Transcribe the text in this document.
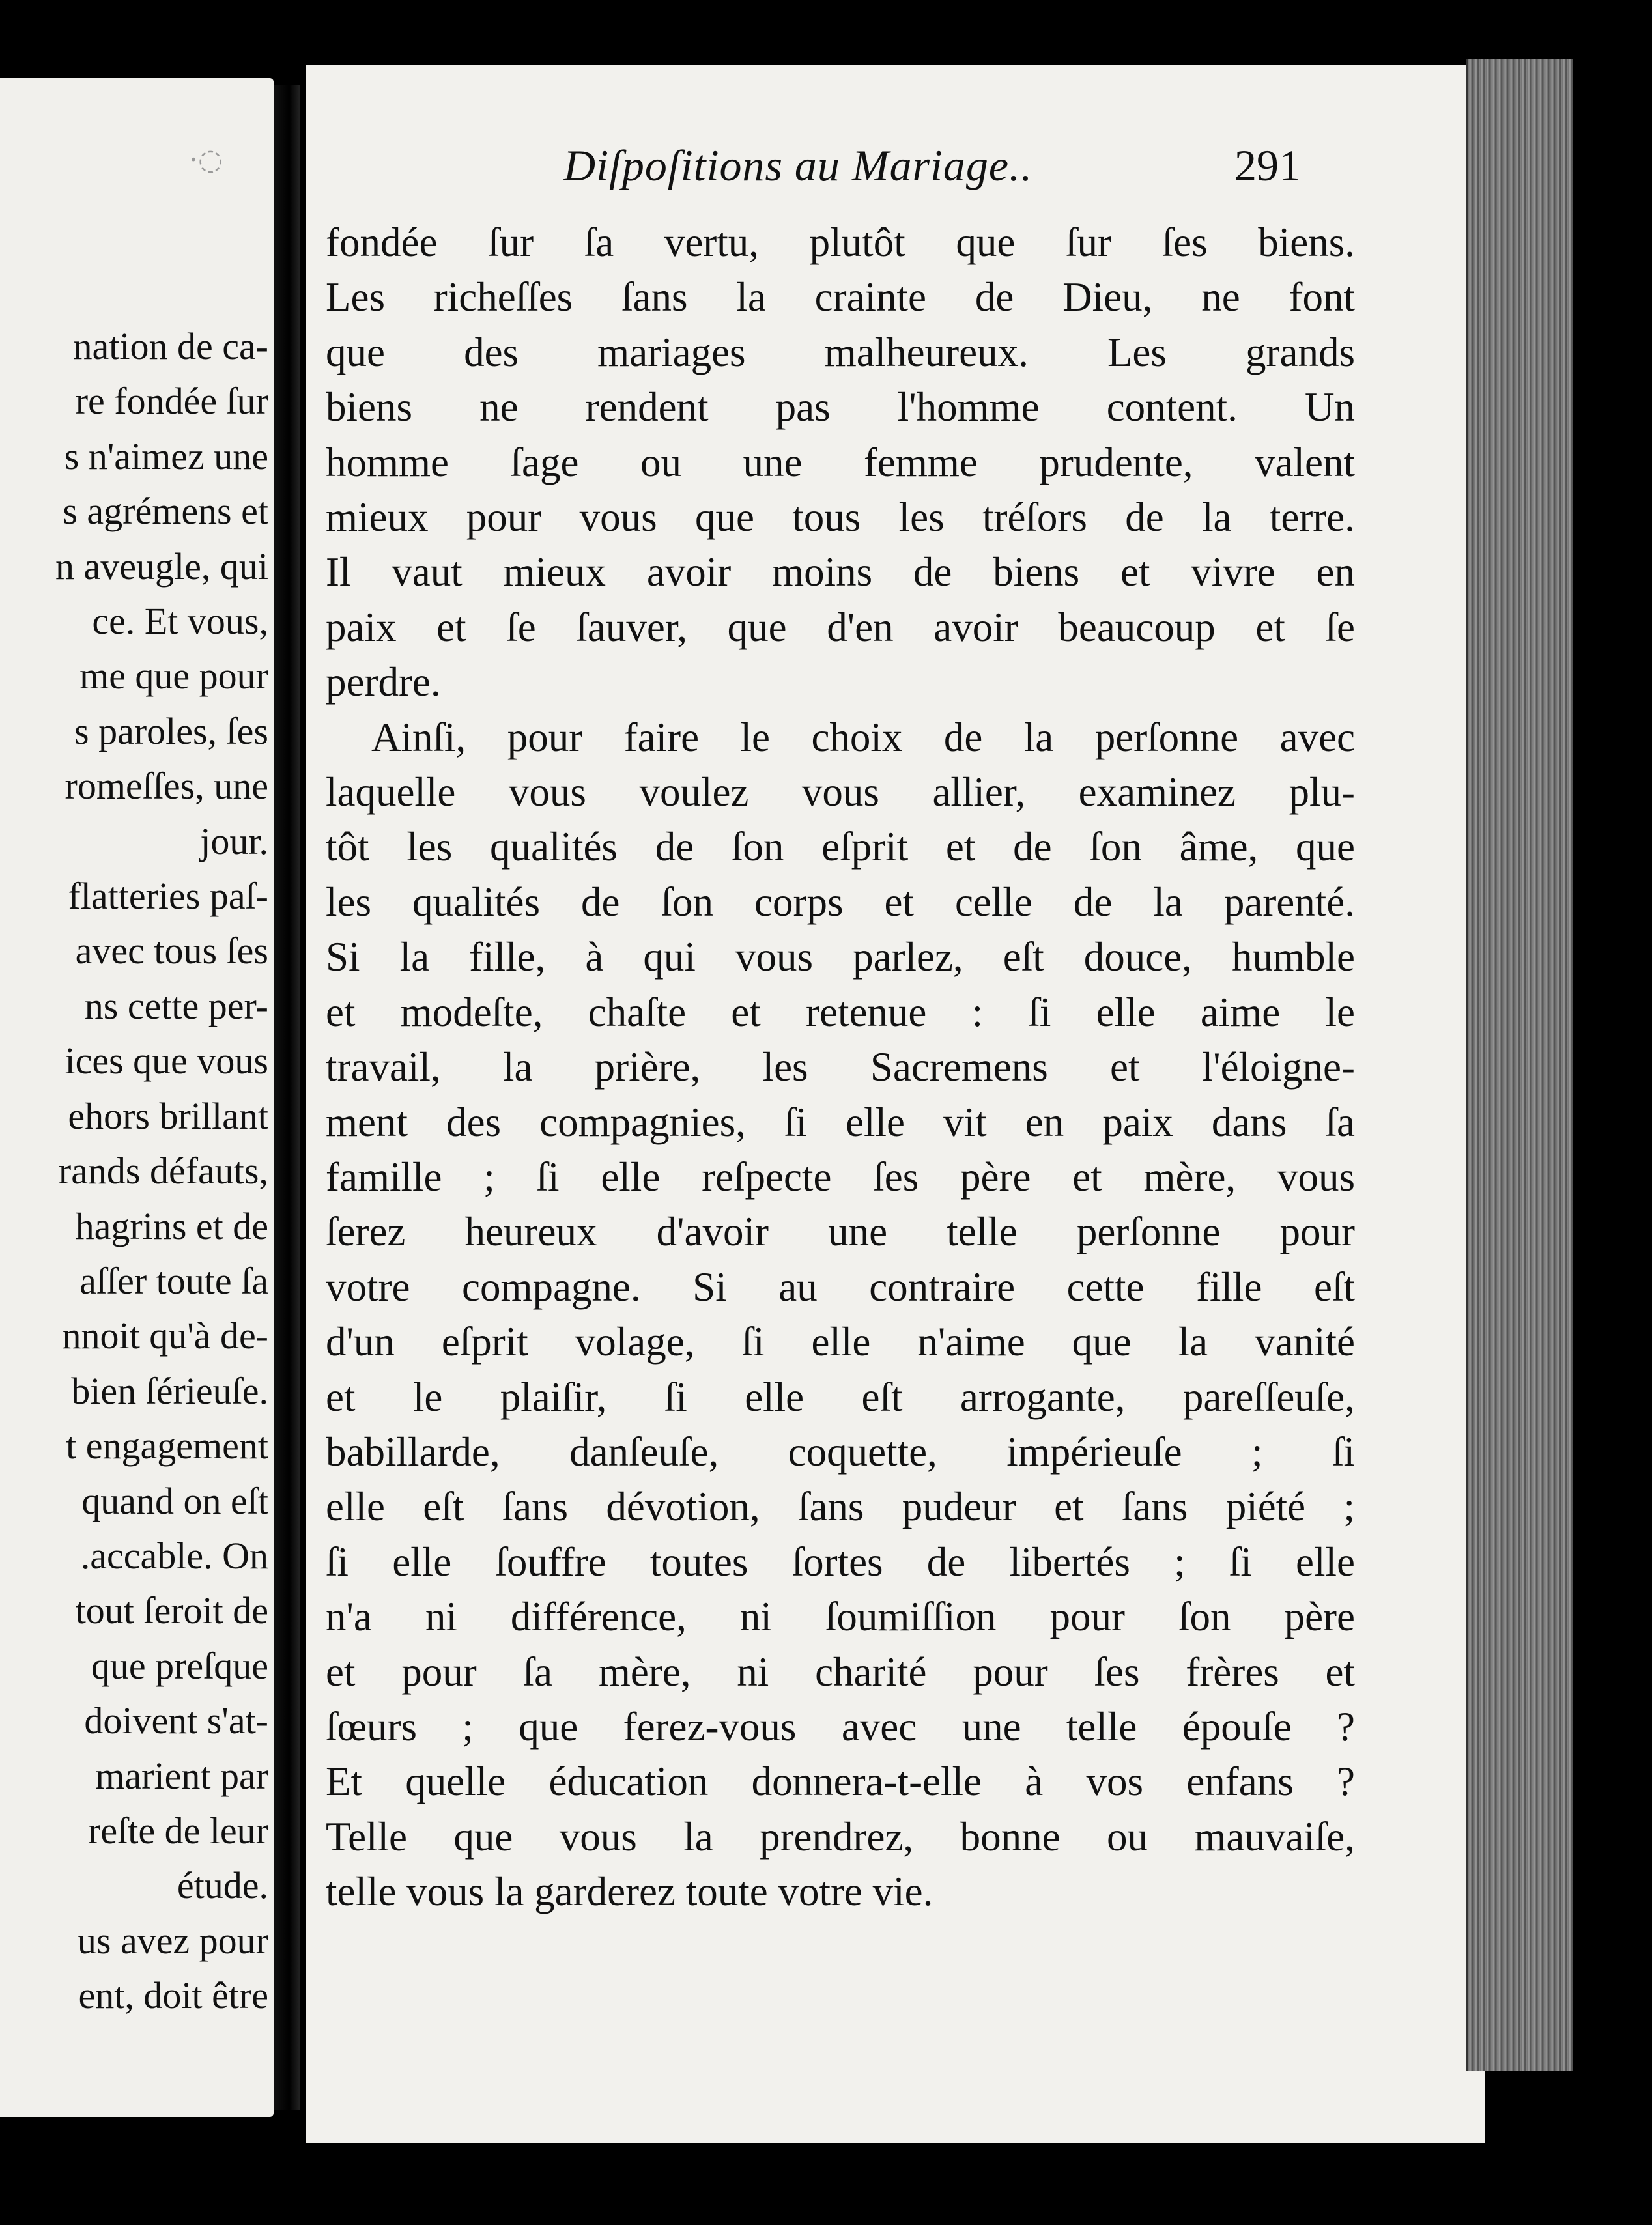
·◌
nation de ca-
re fondée ſur
s n'aimez une
s agrémens et
n aveugle, qui
ce. Et vous,
me que pour
s paroles, ſes
romeſſes, une
jour.
flatteries paſ-
avec tous ſes
ns cette per-
ices que vous
ehors brillant
rands défauts,
hagrins et de
aſſer toute ſa
nnoit qu'à de-
bien ſérieuſe.
t engagement
quand on eſt
.accable. On
tout ſeroit de
que preſque
doivent s'at-
marient par
reſte de leur
étude.
us avez pour
ent, doit être
Diſpoſitions au Mariage..	291
fondée ſur ſa vertu, plutôt que ſur ſes biens.
Les richeſſes ſans la crainte de Dieu, ne font
que des mariages malheureux. Les grands
biens ne rendent pas l'homme content. Un
homme ſage ou une femme prudente, valent
mieux pour vous que tous les tréſors de la terre.
Il vaut mieux avoir moins de biens et vivre en
paix et ſe ſauver, que d'en avoir beaucoup et ſe
perdre.
Ainſi, pour faire le choix de la perſonne avec
laquelle vous voulez vous allier, examinez plu-
tôt les qualités de ſon eſprit et de ſon âme, que
les qualités de ſon corps et celle de la parenté.
Si la fille, à qui vous parlez, eſt douce, humble
et modeſte, chaſte et retenue : ſi elle aime le
travail, la prière, les Sacremens et l'éloigne-
ment des compagnies, ſi elle vit en paix dans ſa
famille ; ſi elle reſpecte ſes père et mère, vous
ſerez heureux d'avoir une telle perſonne pour
votre compagne. Si au contraire cette fille eſt
d'un eſprit volage, ſi elle n'aime que la vanité
et le plaiſir, ſi elle eſt arrogante, pareſſeuſe,
babillarde, danſeuſe, coquette, impérieuſe ; ſi
elle eſt ſans dévotion, ſans pudeur et ſans piété ;
ſi elle ſouffre toutes ſortes de libertés ; ſi elle
n'a ni différence, ni ſoumiſſion pour ſon père
et pour ſa mère, ni charité pour ſes frères et
ſœurs ; que ferez-vous avec une telle épouſe ?
Et quelle éducation donnera-t-elle à vos enfans ?
Telle que vous la prendrez, bonne ou mauvaiſe,
telle vous la garderez toute votre vie.
